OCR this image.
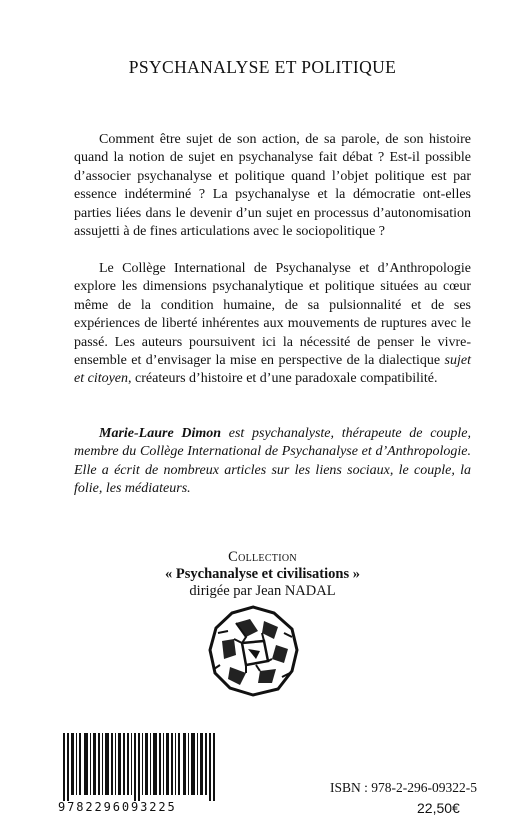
PSYCHANALYSE ET POLITIQUE

Comment être sujet de son action, de sa parole, de son histoire quand la notion de sujet en psychanalyse fait débat ? Est-il possible d’associer psychanalyse et politique quand l’objet politique est par essence indéterminé ? La psychanalyse et la démocratie ont-elles parties liées dans le devenir d’un sujet en processus d’autonomisation assujetti à de fines articulations avec le sociopolitique ?

Le Collège International de Psychanalyse et d’Anthropologie explore les dimensions psychanalytique et politique situées au cœur même de la condition humaine, de sa pulsionnalité et de ses expériences de liberté inhérentes aux mouvements de ruptures avec le passé. Les auteurs poursuivent ici la nécessité de penser le vivre-ensemble et d’envisager la mise en perspective de la dialectique sujet et citoyen, créateurs d’histoire et d’une paradoxale compatibilité.

Marie-Laure Dimon est psychanalyste, thérapeute de couple, membre du Collège International de Psychanalyse et d’Anthropologie. Elle a écrit de nombreux articles sur les liens sociaux, le couple, la folie, les médiateurs.

Collection
« Psychanalyse et civilisations »
dirigée par Jean NADAL
9782296093225
ISBN : 978-2-296-09322-5
22,50€
